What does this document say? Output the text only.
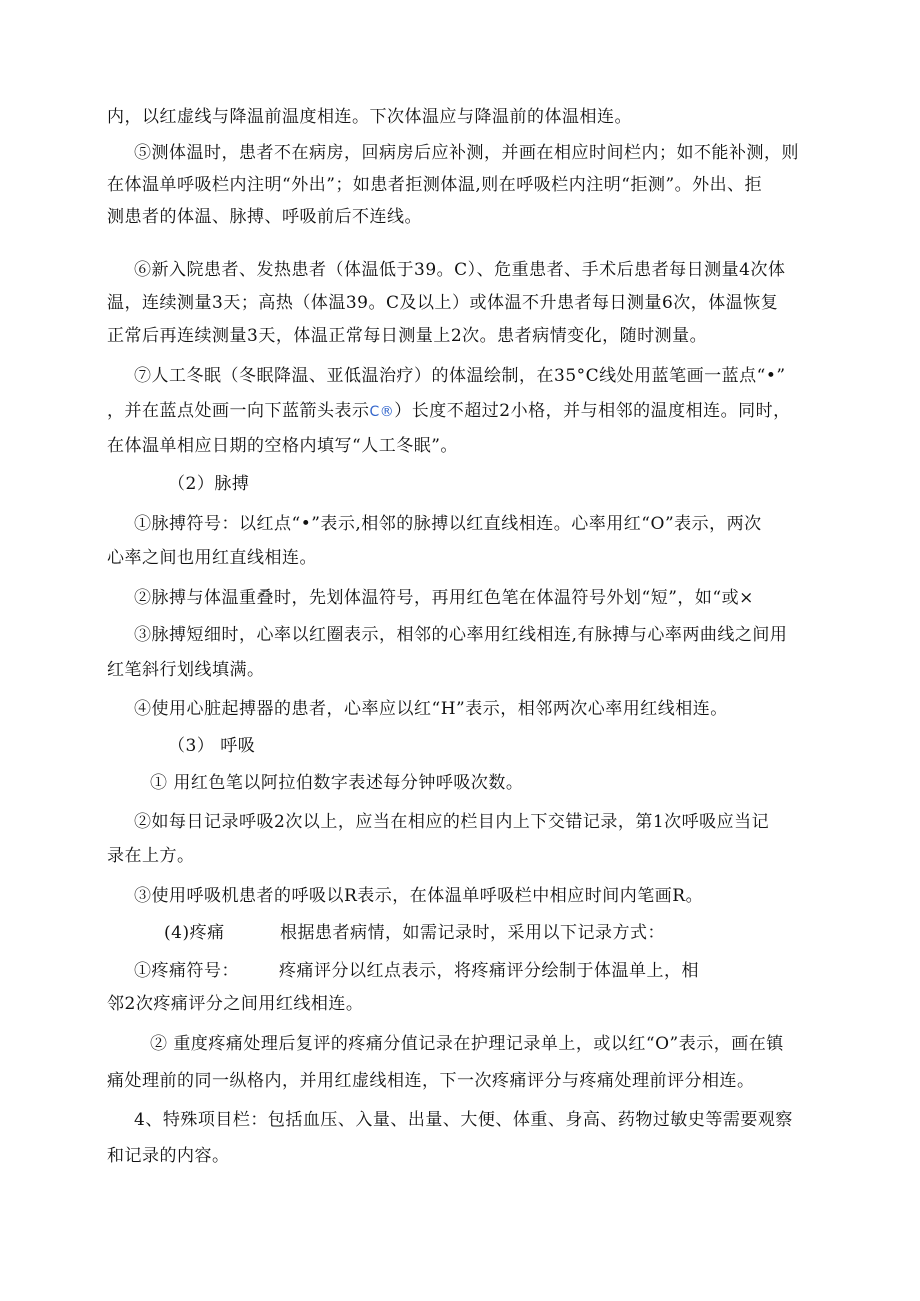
内，以红虚线与降温前温度相连。下次体温应与降温前的体温相连。
⑤测体温时，患者不在病房，回病房后应补测，并画在相应时间栏内；如不能补测，则
在体温单呼吸栏内注明“外出”；如患者拒测体温,则在呼吸栏内注明“拒测”。外出、拒
测患者的体温、脉搏、呼吸前后不连线。
⑥新入院患者、发热患者（体温低于39。C）、危重患者、手术后患者每日测量4次体
温，连续测量3天；高热（体温39。C及以上）或体温不升患者每日测量6次，体温恢复
正常后再连续测量3天，体温正常每日测量上2次。患者病情变化，随时测量。
⑦人工冬眠（冬眠降温、亚低温治疗）的体温绘制，在35°C线处用蓝笔画一蓝点“•”
，并在蓝点处画一向下蓝箭头表示C®）长度不超过2小格，并与相邻的温度相连。同时，
在体温单相应日期的空格内填写“人工冬眠”。
（2）脉搏
①脉搏符号：以红点“•”表示,相邻的脉搏以红直线相连。心率用红“O”表示，两次
心率之间也用红直线相连。
②脉搏与体温重叠时，先划体温符号，再用红色笔在体温符号外划“短”，如“或×
③脉搏短细时，心率以红圈表示，相邻的心率用红线相连,有脉搏与心率两曲线之间用
红笔斜行划线填满。
④使用心脏起搏器的患者，心率应以红“H”表示，相邻两次心率用红线相连。
（3） 呼吸
① 用红色笔以阿拉伯数字表述每分钟呼吸次数。
②如每日记录呼吸2次以上，应当在相应的栏目内上下交错记录，第1次呼吸应当记
录在上方。
③使用呼吸机患者的呼吸以R表示，在体温单呼吸栏中相应时间内笔画R。
(4)疼痛	根据患者病情，如需记录时，采用以下记录方式：
①疼痛符号： 疼痛评分以红点表示，将疼痛评分绘制于体温单上，相
邻2次疼痛评分之间用红线相连。
② 重度疼痛处理后复评的疼痛分值记录在护理记录单上，或以红“O”表示，画在镇
痛处理前的同一纵格内，并用红虚线相连，下一次疼痛评分与疼痛处理前评分相连。
4、特殊项目栏：包括血压、入量、出量、大便、体重、身高、药物过敏史等需要观察
和记录的内容。
